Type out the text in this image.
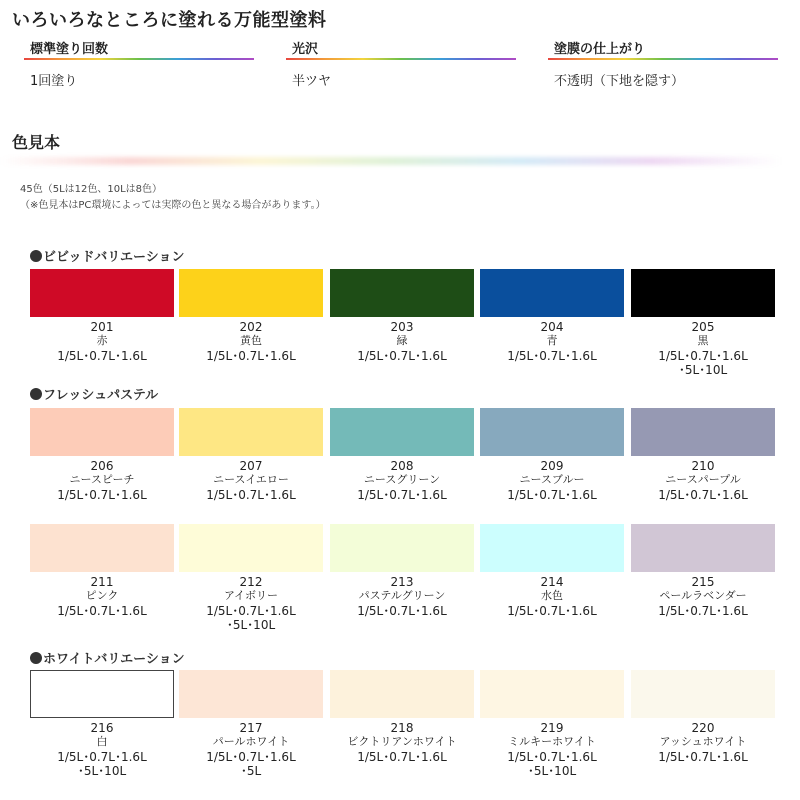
いろいろなところに塗れる万能型塗料
標準塗り回数
1回塗り
光沢
半ツヤ
塗膜の仕上がり
不透明（下地を隠す）
色見本
45色（5Lは12色、10Lは8色）
（※色見本はPC環境によっては実際の色と異なる場合があります。）
ビビッドバリエーション
201
赤
1/5L･0.7L･1.6L
202
黄色
1/5L･0.7L･1.6L
203
緑
1/5L･0.7L･1.6L
204
青
1/5L･0.7L･1.6L
205
黒
1/5L･0.7L･1.6L
･5L･10L
フレッシュパステル
206
ニースピーチ
1/5L･0.7L･1.6L
207
ニースイエロー
1/5L･0.7L･1.6L
208
ニースグリーン
1/5L･0.7L･1.6L
209
ニースブルー
1/5L･0.7L･1.6L
210
ニースパープル
1/5L･0.7L･1.6L
211
ピンク
1/5L･0.7L･1.6L
212
アイボリー
1/5L･0.7L･1.6L
･5L･10L
213
パステルグリーン
1/5L･0.7L･1.6L
214
水色
1/5L･0.7L･1.6L
215
ペールラベンダー
1/5L･0.7L･1.6L
ホワイトバリエーション
216
白
1/5L･0.7L･1.6L
･5L･10L
217
パールホワイト
1/5L･0.7L･1.6L
･5L
218
ビクトリアンホワイト
1/5L･0.7L･1.6L
219
ミルキーホワイト
1/5L･0.7L･1.6L
･5L･10L
220
アッシュホワイト
1/5L･0.7L･1.6L
